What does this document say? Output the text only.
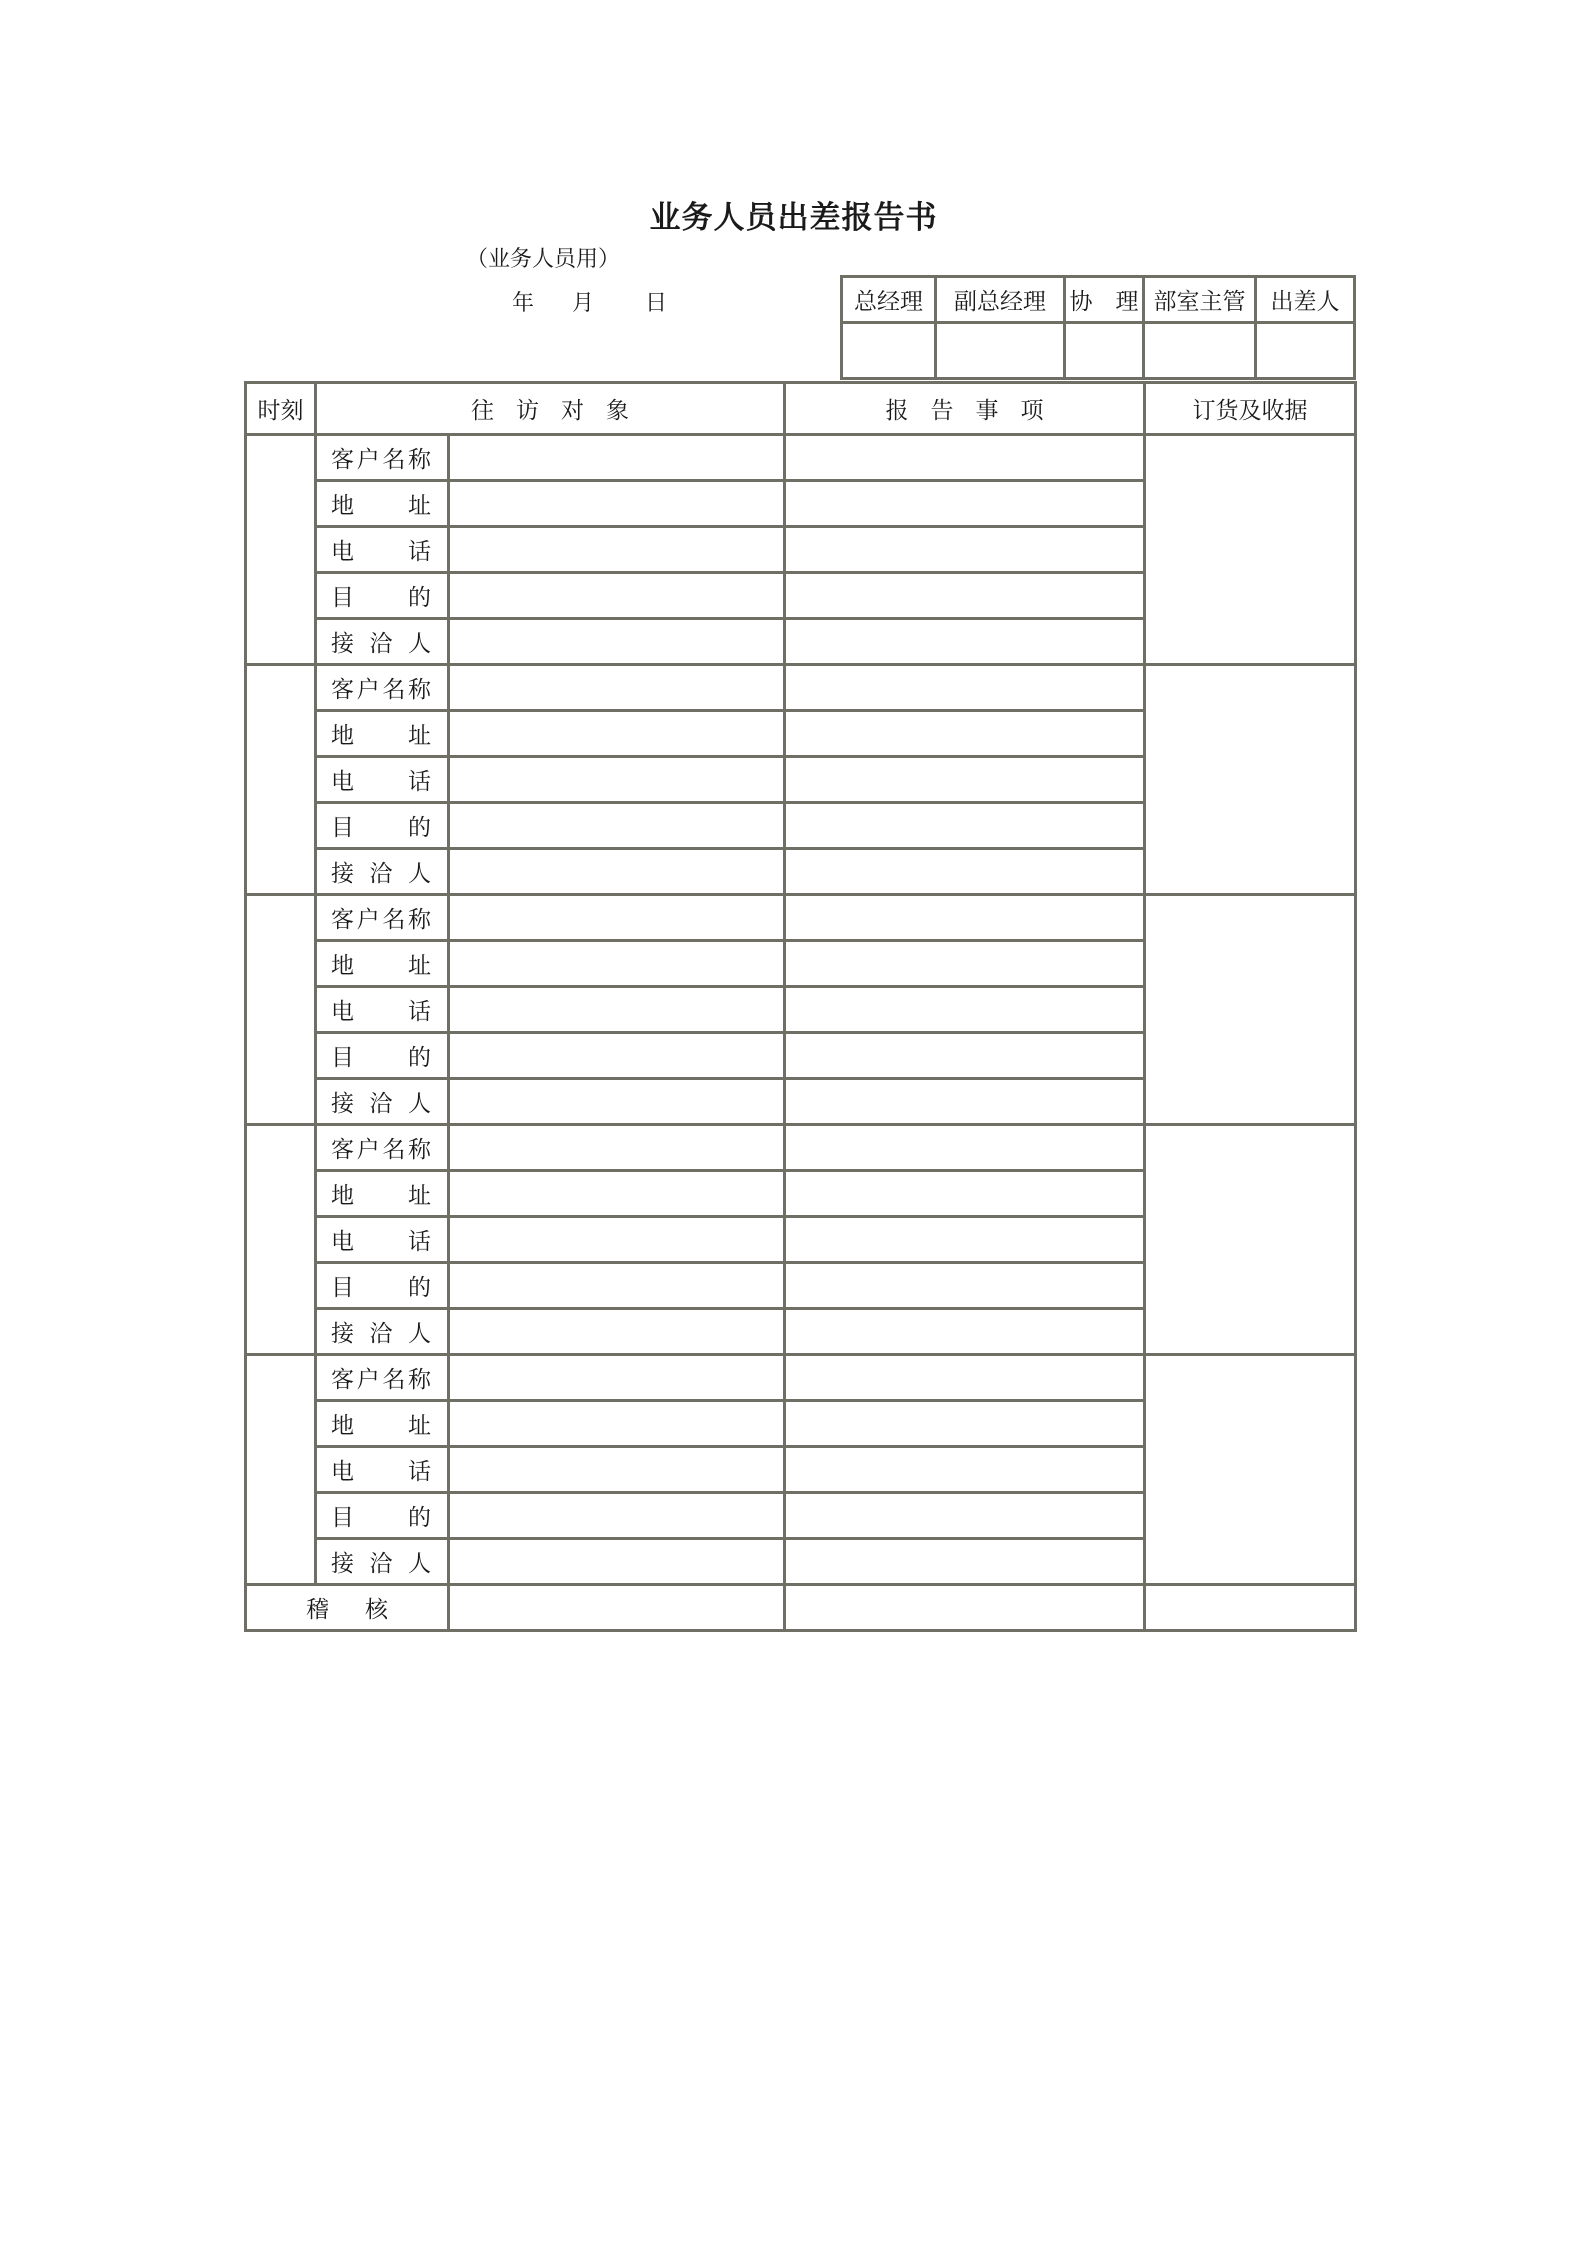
业务人员出差报告书
（业务人员用）
年 月 日	总经理	副总经理	协　理	部室主管	出差人

时刻	往访对象		报告事项	订货及收据

	客 户 名 称			

	地 址			

	电 话			

	目 的			

	接 洽 人			

	客 户 名 称			

	地 址			

	电 话			

	目 的			

	接 洽 人			

	客 户 名 称			

	地 址			

	电 话			

	目 的			

	接 洽 人			

	客 户 名 称			

	地 址			

	电 话			

	目 的			

	接 洽 人			

	客 户 名 称			

	地 址			

	电 话			

	目 的			

	接 洽 人			

稽核				
